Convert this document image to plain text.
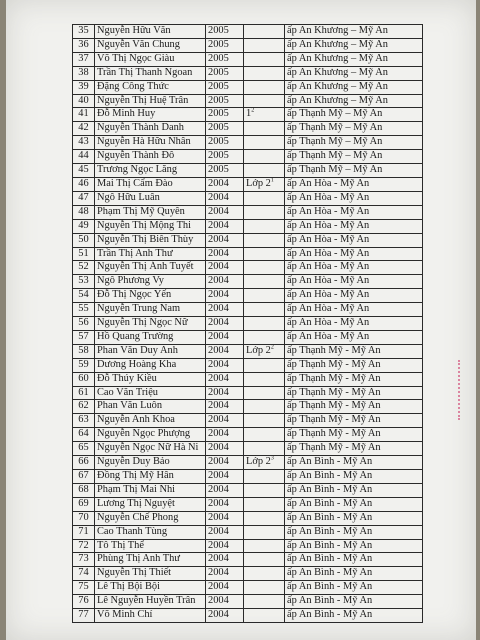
35	Nguyễn Hữu Văn	2005		ấp An Khương – Mỹ An
36	Nguyễn Văn Chung	2005		ấp An Khương – Mỹ An
37	Võ Thị Ngọc Giàu	2005		ấp An Khương – Mỹ An
38	Trần Thị Thanh Ngoan	2005		ấp An Khương – Mỹ An
39	Đặng Công Thức	2005		ấp An Khương – Mỹ An
40	Nguyễn Thị Huệ Trân	2005		ấp An Khương – Mỹ An
41	Đỗ Minh Huy	2005	$1^2$	ấp Thạnh Mỹ – Mỹ An
42	Nguyễn Thành Danh	2005		ấp Thạnh Mỹ – Mỹ An
43	Nguyễn Hà Hữu Nhân	2005		ấp Thạnh Mỹ – Mỹ An
44	Nguyễn Thành Đô	2005		ấp Thạnh Mỹ – Mỹ An
45	Trương Ngọc Lăng	2005		ấp Thạnh Mỹ – Mỹ An
46	Mai Thị Cẩm Đào	2004	Lớp $2^1$	ấp An Hòa - Mỹ An
47	Ngô Hữu Luân	2004		ấp An Hòa - Mỹ An
48	Phạm Thị Mỹ Quyên	2004		ấp An Hòa - Mỹ An
49	Nguyễn Thị Mộng Thi	2004		ấp An Hòa - Mỹ An
50	Nguyễn Thị Biên Thùy	2004		ấp An Hòa - Mỹ An
51	Trần Thị Anh Thư	2004		ấp An Hòa - Mỹ An
52	Nguyễn Thị Ánh Tuyết	2004		ấp An Hòa - Mỹ An
53	Ngô Phương Vy	2004		ấp An Hòa - Mỹ An
54	Đỗ Thị Ngọc Yến	2004		ấp An Hòa - Mỹ An
55	Nguyễn Trung Nam	2004		ấp An Hòa - Mỹ An
56	Nguyễn Thị Ngọc Nữ	2004		ấp An Hòa - Mỹ An
57	Hồ Quang Trường	2004		ấp An Hòa - Mỹ An
58	Phan Văn Duy Anh	2004	Lớp $2^2$	ấp Thạnh Mỹ - Mỹ An
59	Dương Hoàng Kha	2004		ấp Thạnh Mỹ - Mỹ An
60	Đỗ Thúy Kiều	2004		ấp Thạnh Mỹ - Mỹ An
61	Cao Văn Triệu	2004		ấp Thạnh Mỹ - Mỹ An
62	Phan Văn Luôn	2004		ấp Thạnh Mỹ - Mỹ An
63	Nguyễn Anh Khoa	2004		ấp Thạnh Mỹ - Mỹ An
64	Nguyễn Ngọc Phượng	2004		ấp Thạnh Mỹ - Mỹ An
65	Nguyễn Ngọc Nữ Hà Ni	2004		ấp Thạnh Mỹ - Mỹ An
66	Nguyễn Duy Bảo	2004	Lớp $2^3$	ấp An Bình - Mỹ An
67	Đồng Thị Mỹ Hân	2004		ấp An Bình - Mỹ An
68	Phạm Thị Mai Nhi	2004		ấp An Bình - Mỹ An
69	Lương Thị Nguyệt	2004		ấp An Bình - Mỹ An
70	Nguyễn Chế Phong	2004		ấp An Bình - Mỹ An
71	Cao Thanh Tùng	2004		ấp An Bình - Mỹ An
72	Tô Thị Thể	2004		ấp An Bình - Mỹ An
73	Phùng Thị Anh Thư	2004		ấp An Bình - Mỹ An
74	Nguyễn Thị Thiết	2004		ấp An Bình - Mỹ An
75	Lê Thị Bội Bội	2004		ấp An Bình - Mỹ An
76	Lê Nguyễn Huyền Trân	2004		ấp An Bình - Mỹ An
77	Võ Minh Chí	2004		ấp An Bình - Mỹ An
